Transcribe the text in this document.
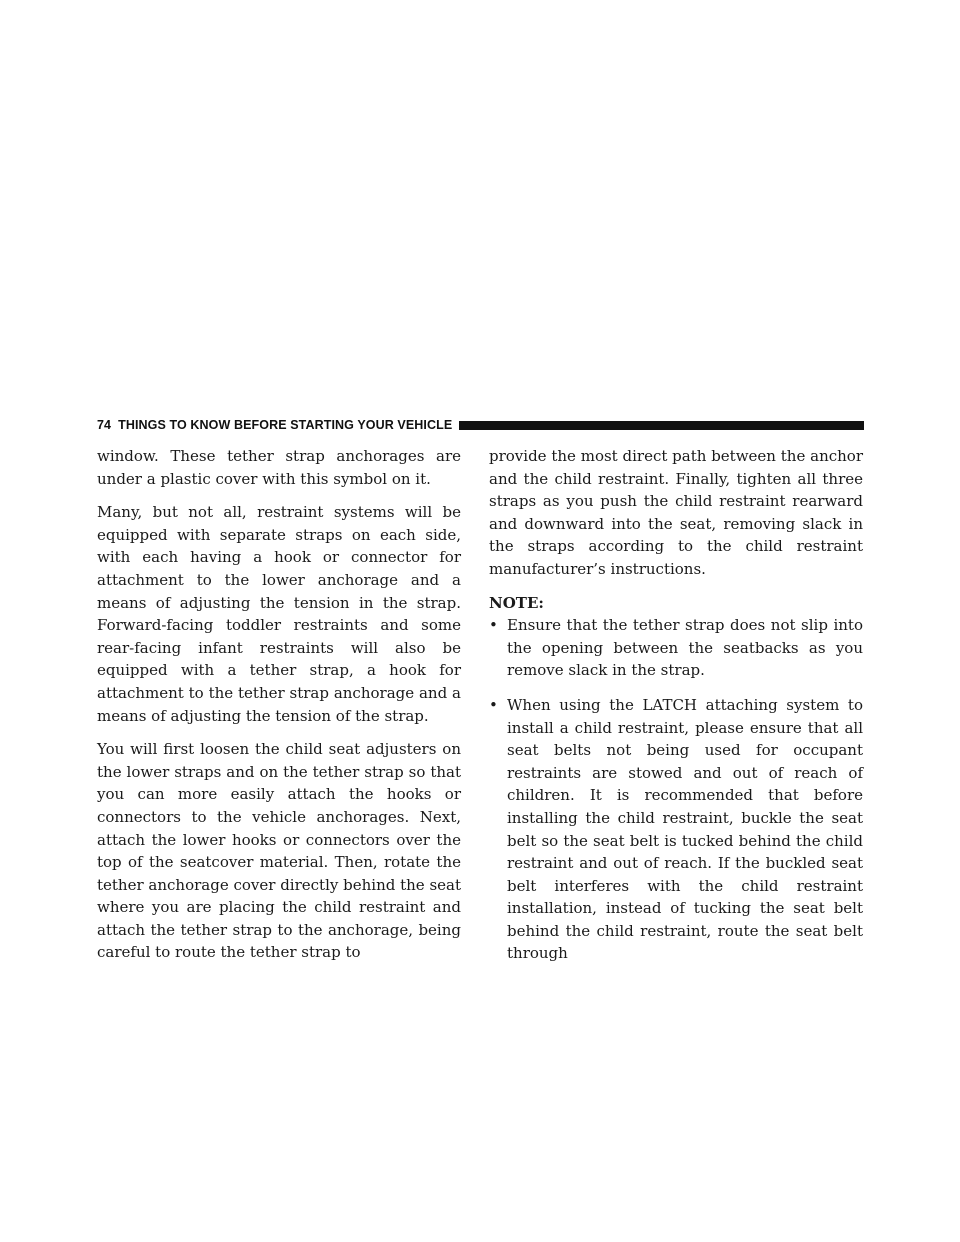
74 THINGS TO KNOW BEFORE STARTING YOUR VEHICLE

window. These tether strap anchorages are under a plastic cover with this symbol on it.

Many, but not all, restraint systems will be equipped with separate straps on each side, with each having a hook or connector for attachment to the lower anchorage and a means of adjusting the tension in the strap. Forward-facing toddler restraints and some rear-facing infant restraints will also be equipped with a tether strap, a hook for attachment to the tether strap anchorage and a means of adjusting the tension of the strap.

You will first loosen the child seat adjusters on the lower straps and on the tether strap so that you can more easily attach the hooks or connectors to the vehicle anchorages. Next, attach the lower hooks or connectors over the top of the seatcover material. Then, rotate the tether anchorage cover directly behind the seat where you are placing the child restraint and attach the tether strap to the anchorage, being careful to route the tether strap to

provide the most direct path between the anchor and the child restraint. Finally, tighten all three straps as you push the child restraint rearward and downward into the seat, removing slack in the straps according to the child restraint manufacturer’s instructions.

NOTE:
• Ensure that the tether strap does not slip into the opening between the seatbacks as you remove slack in the strap.
• When using the LATCH attaching system to install a child restraint, please ensure that all seat belts not being used for occupant restraints are stowed and out of reach of children. It is recommended that before installing the child restraint, buckle the seat belt so the seat belt is tucked behind the child restraint and out of reach. If the buckled seat belt interferes with the child restraint installation, instead of tucking the seat belt behind the child restraint, route the seat belt through
